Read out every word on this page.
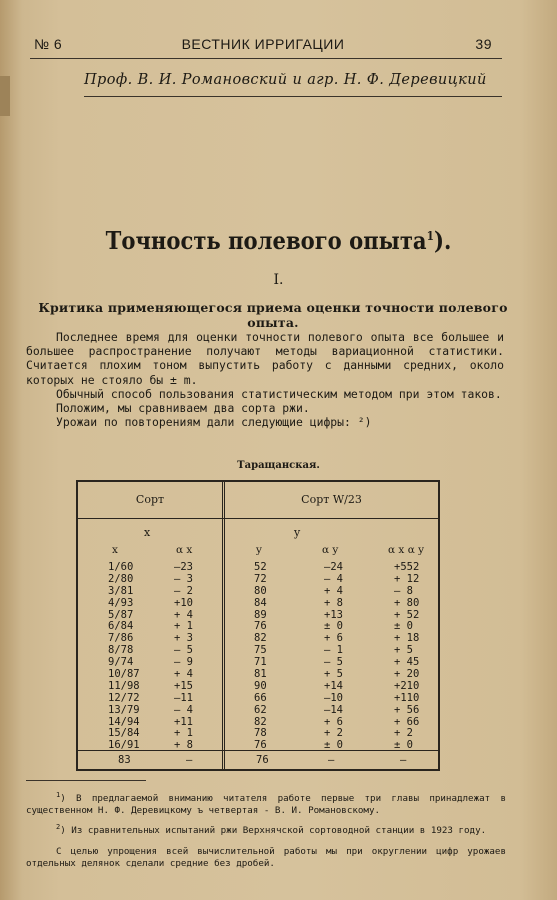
№ 6	ВЕСТНИК ИРРИГАЦИИ	39
Проф. В. И. Романовский и агр. Н. Ф. Деревицкий
Точность полевого опыта$^1$).
I.
Критика применяющегося приема оценки точности полевого опыта.

Последнее время для оценки точности полевого опыта все большее и большее распространение получают методы вариационной статистики. Считается плохим тоном выпустить работу с данными средних, около которых не стояло бы ± m.

Обычный способ пользования статистическим методом при этом таков.

Положим, мы сравниваем два сорта ржи.

Урожаи по повторениям дали следующие цифры: ²)

Таращанская.
Сорт	Сорт W/23
x	y
x	α x	y	α y	α x α y
1/60	—23	52	—24	+552
2/80	— 3	72	— 4	+ 12
3/81	— 2	80	+ 4	— 8
4/93	+10	84	+ 8	+ 80
5/87	+ 4	89	+13	+ 52
6/84	+ 1	76	± 0	± 0
7/86	+ 3	82	+ 6	+ 18
8/78	— 5	75	— 1	+ 5
9/74	— 9	71	— 5	+ 45
10/87	+ 4	81	+ 5	+ 20
11/98	+15	90	+14	+210
12/72	—11	66	—10	+110
13/79	— 4	62	—14	+ 56
14/94	+11	82	+ 6	+ 66
15/84	+ 1	78	+ 2	+ 2
16/91	+ 8	76	± 0	± 0
83	—	76	—	—

$^1$) В предлагаемой вниманию читателя работе первые три главы принадлежат в существенном Н. Ф. Деревицкому ъ четвертая - В. И. Романовскому.

$^2$) Из сравнительных испытаний ржи Верхнячской сортоводной станции в 1923 году.

С целью упрощения всей вычислительной работы мы при округлении цифр урожаев отдельных делянок сделали средние без дробей.
